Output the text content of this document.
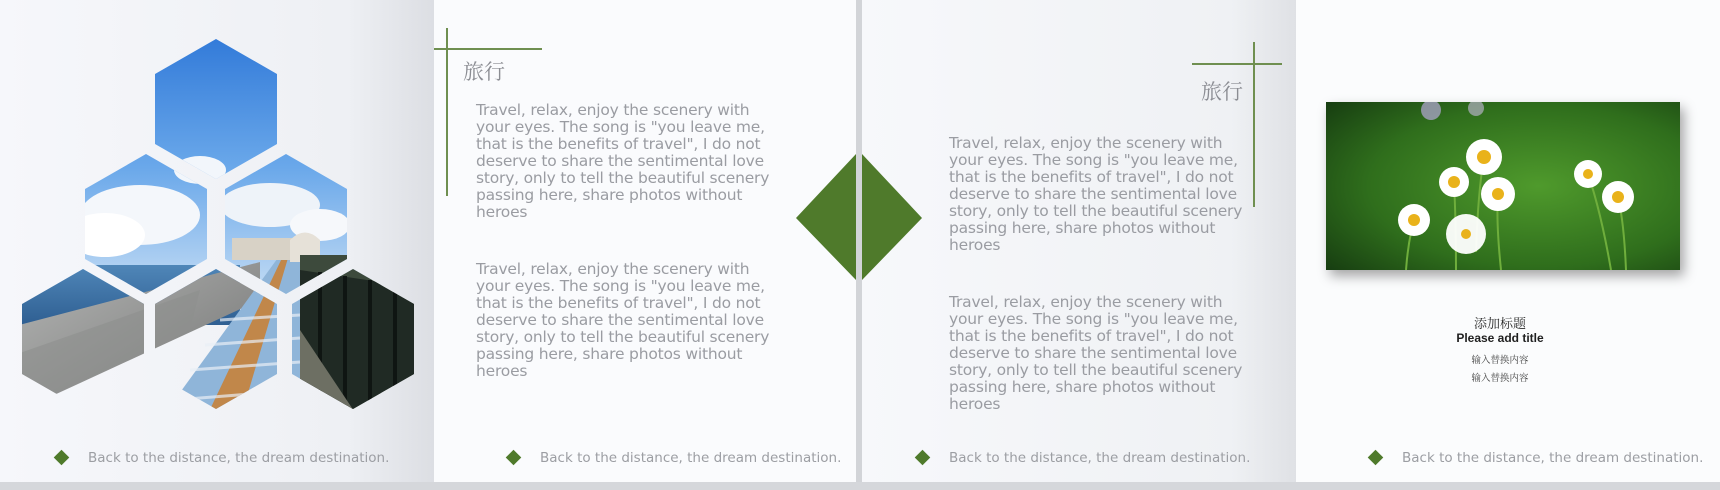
Back to the distance, the dream destination.

旅行

Travel, relax, enjoy the scenery with your eyes. The song is "you leave me, that is the benefits of travel", I do not deserve to share the sentimental love story, only to tell the beautiful scenery passing here, share photos without heroes

Travel, relax, enjoy the scenery with your eyes. The song is "you leave me, that is the benefits of travel", I do not deserve to share the sentimental love story, only to tell the beautiful scenery passing here, share photos without heroes

Back to the distance, the dream destination.

旅行

Travel, relax, enjoy the scenery with your eyes. The song is "you leave me, that is the benefits of travel", I do not deserve to share the sentimental love story, only to tell the beautiful scenery passing here, share photos without heroes

Travel, relax, enjoy the scenery with your eyes. The song is "you leave me, that is the benefits of travel", I do not deserve to share the sentimental love story, only to tell the beautiful scenery passing here, share photos without heroes

Back to the distance, the dream destination.
添加标题
Please add title
输入替换内容
输入替换内容
Back to the distance, the dream destination.
